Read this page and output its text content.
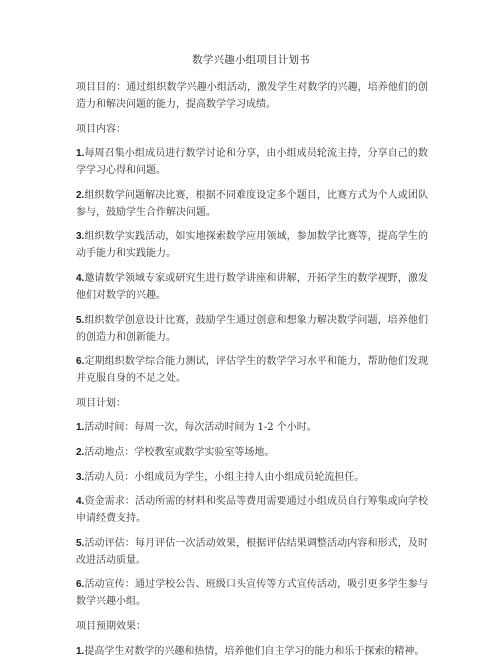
数学兴趣小组项目计划书

项目目的：通过组织数学兴趣小组活动，激发学生对数学的兴趣，培养他们的创造力和解决问题的能力，提高数学学习成绩。

项目内容：

1.每周召集小组成员进行数学讨论和分享，由小组成员轮流主持，分享自己的数学学习心得和问题。

2.组织数学问题解决比赛，根据不同难度设定多个题目，比赛方式为个人或团队参与，鼓励学生合作解决问题。

3.组织数学实践活动，如实地探索数学应用领域，参加数学比赛等，提高学生的动手能力和实践能力。

4.邀请数学领域专家或研究生进行数学讲座和讲解，开拓学生的数学视野，激发他们对数学的兴趣。

5.组织数学创意设计比赛，鼓励学生通过创意和想象力解决数学问题，培养他们的创造力和创新能力。

6.定期组织数学综合能力测试，评估学生的数学学习水平和能力，帮助他们发现并克服自身的不足之处。

项目计划：

1.活动时间：每周一次，每次活动时间为 1-2 个小时。

2.活动地点：学校教室或数学实验室等场地。

3.活动人员：小组成员为学生，小组主持人由小组成员轮流担任。

4.资金需求：活动所需的材料和奖品等费用需要通过小组成员自行筹集或向学校申请经费支持。

5.活动评估：每月评估一次活动效果，根据评估结果调整活动内容和形式，及时改进活动质量。

6.活动宣传：通过学校公告、班级口头宣传等方式宣传活动，吸引更多学生参与数学兴趣小组。

项目预期效果：

1.提高学生对数学的兴趣和热情，培养他们自主学习的能力和乐于探索的精神。
